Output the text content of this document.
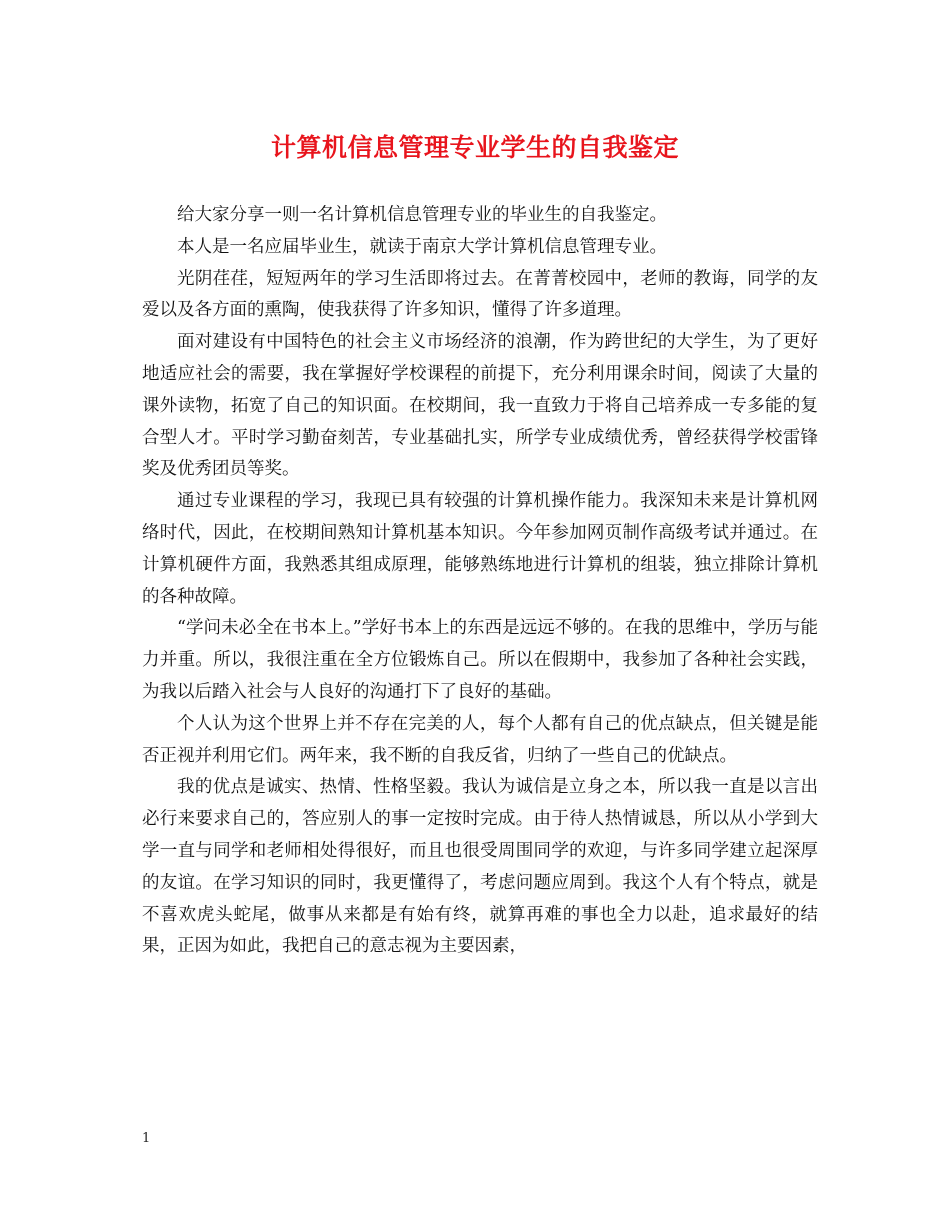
计算机信息管理专业学生的自我鉴定

给大家分享一则一名计算机信息管理专业的毕业生的自我鉴定。

本人是一名应届毕业生，就读于南京大学计算机信息管理专业。

光阴荏荏，短短两年的学习生活即将过去。在菁菁校园中，老师的教诲，同学的友爱以及各方面的熏陶，使我获得了许多知识，懂得了许多道理。

面对建设有中国特色的社会主义市场经济的浪潮，作为跨世纪的大学生，为了更好地适应社会的需要，我在掌握好学校课程的前提下，充分利用课余时间，阅读了大量的课外读物，拓宽了自己的知识面。在校期间，我一直致力于将自己培养成一专多能的复合型人才。平时学习勤奋刻苦，专业基础扎实，所学专业成绩优秀，曾经获得学校雷锋奖及优秀团员等奖。

通过专业课程的学习，我现已具有较强的计算机操作能力。我深知未来是计算机网络时代，因此，在校期间熟知计算机基本知识。今年参加网页制作高级考试并通过。在计算机硬件方面，我熟悉其组成原理，能够熟练地进行计算机的组装，独立排除计算机的各种故障。

“学问未必全在书本上。”学好书本上的东西是远远不够的。在我的思维中，学历与能力并重。所以，我很注重在全方位锻炼自己。所以在假期中，我参加了各种社会实践，为我以后踏入社会与人良好的沟通打下了良好的基础。

个人认为这个世界上并不存在完美的人，每个人都有自己的优点缺点，但关键是能否正视并利用它们。两年来，我不断的自我反省，归纳了一些自己的优缺点。

我的优点是诚实、热情、性格坚毅。我认为诚信是立身之本，所以我一直是以言出必行来要求自己的，答应别人的事一定按时完成。由于待人热情诚恳，所以从小学到大学一直与同学和老师相处得很好，而且也很受周围同学的欢迎，与许多同学建立起深厚的友谊。在学习知识的同时，我更懂得了，考虑问题应周到。我这个人有个特点，就是不喜欢虎头蛇尾，做事从来都是有始有终，就算再难的事也全力以赴，追求最好的结果，正因为如此，我把自己的意志视为主要因素，

1
